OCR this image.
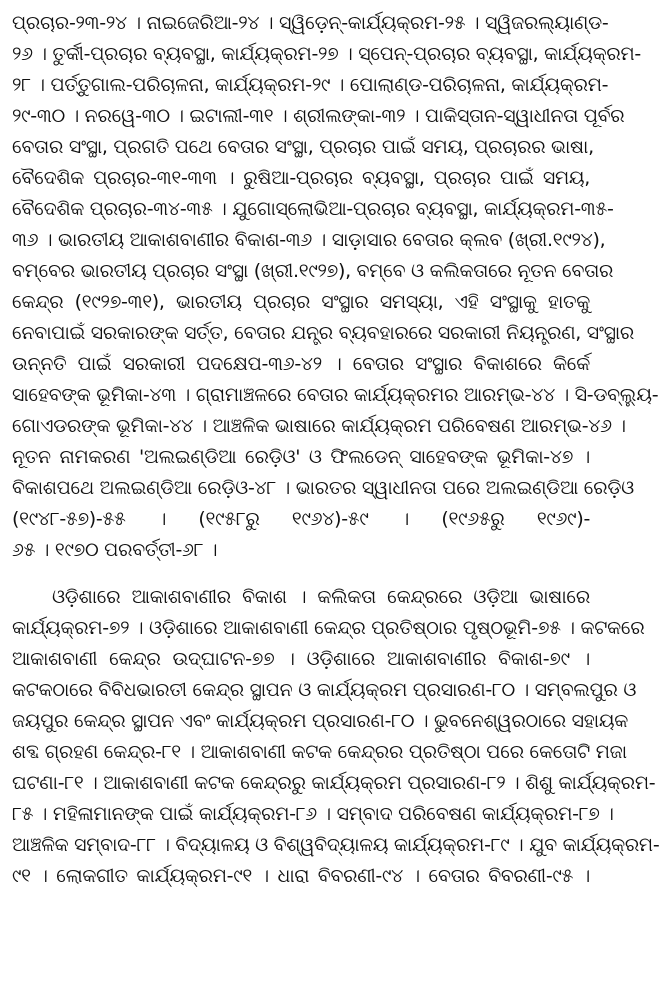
ପ୍ରଚାର-୨୩-୨୪ । ନାଇଜେରିଆ-୨୪ । ସ୍ୱିଡ଼େନ୍-କାର୍ଯ୍ୟକ୍ରମ-୨୫ । ସ୍ୱିଜରଲ୍ୟାଣ୍ଡ-
୨୬ । ତୁର୍କୀ-ପ୍ରଚାର ବ୍ୟବସ୍ଥା, କାର୍ଯ୍ୟକ୍ରମ-୨୭ । ସ୍ପେନ୍-ପ୍ରଚାର ବ୍ୟବସ୍ଥା, କାର୍ଯ୍ୟକ୍ରମ-
୨୮ । ପର୍ତ୍ତୁଗାଲ-ପରିଚାଳନା, କାର୍ଯ୍ୟକ୍ରମ-୨୯ । ପୋଲାଣ୍ଡ-ପରିଚାଳନା, କାର୍ଯ୍ୟକ୍ରମ-
୨୯-୩୦ । ନରୱେ-୩୦ । ଇଟାଲୀ-୩୧ । ଶ୍ରୀଲଙ୍କା-୩୨ । ପାକିସ୍ତାନ-ସ୍ୱାଧୀନତା ପୂର୍ବର
ବେତାର ସଂସ୍ଥା, ପ୍ରଗତି ପଥେ ବେତାର ସଂସ୍ଥା, ପ୍ରଚାର ପାଇଁ ସମୟ, ପ୍ରଚାରର ଭାଷା,
ବୈଦେଶିକ ପ୍ରଚାର-୩୧-୩୩ । ରୁଷିଆ-ପ୍ରଚାର ବ୍ୟବସ୍ଥା, ପ୍ରଚାର ପାଇଁ ସମୟ,
ବୈଦେଶିକ ପ୍ରଚାର-୩୪-୩୫ । ଯୁଗୋସ୍ଲୋଭିଆ-ପ୍ରଚାର ବ୍ୟବସ୍ଥା, କାର୍ଯ୍ୟକ୍ରମ-୩୫-
୩୬ । ଭାରତୀୟ ଆକାଶବାଣୀର ବିକାଶ-୩୬ । ସାଡ଼ାସାର ବେତାର କ୍ଲବ (ଖ୍ରୀ.୧୯୨୪),
ବମ୍ବେର ଭାରତୀୟ ପ୍ରଚାର ସଂସ୍ଥା (ଖ୍ରୀ.୧୯୨୭), ବମ୍ବେ ଓ କଲିକତାରେ ନୂତନ ବେତାର
କେନ୍ଦ୍ର (୧୯୨୭-୩୧), ଭାରତୀୟ ପ୍ରଚାର ସଂସ୍ଥାର ସମସ୍ୟା, ଏହି ସଂସ୍ଥାକୁ ହାତକୁ
ନେବାପାଇଁ ସରକାରଙ୍କ ସର୍ତ୍ତ, ବେତାର ଯନ୍ତ୍ର ବ୍ୟବହାରରେ ସରକାରୀ ନିୟନ୍ତ୍ରଣ, ସଂସ୍ଥାର
ଉନ୍ନତି ପାଇଁ ସରକାରୀ ପଦକ୍ଷେପ-୩୬-୪୨ । ବେତାର ସଂସ୍ଥାର ବିକାଶରେ କିର୍କେ
ସାହେବଙ୍କ ଭୂମିକା-୪୩ । ଗ୍ରାମାଞ୍ଚଳରେ ବେତାର କାର୍ଯ୍ୟକ୍ରମର ଆରମ୍ଭ-୪୪ । ସି-ଡବ୍ଲ୍ୟୁ-
ଗୋଏଡରଙ୍କ ଭୂମିକା-୪୪ । ଆଞ୍ଚଳିକ ଭାଷାରେ କାର୍ଯ୍ୟକ୍ରମ ପରିବେଷଣ ଆରମ୍ଭ-୪୬ ।
ନୂତନ ନାମକରଣ 'ଅଲଇଣ୍ଡିଆ ରେଡ଼ିଓ' ଓ ଫିଲଡେନ୍ ସାହେବଙ୍କ ଭୂମିକା-୪୭ ।
ବିକାଶପଥେ ଅଲଇଣ୍ଡିଆ ରେଡ଼ିଓ-୪୮ । ଭାରତର ସ୍ୱାଧୀନତା ପରେ ଅଲଇଣ୍ଡିଆ ରେଡ଼ିଓ
(୧୯୪୮-୫୭)-୫୫ । (୧୯୫୮ରୁ ୧୯୬୪)-୫୯ । (୧୯୬୫ରୁ ୧୯୬୯)-
୬୫ । ୧୯୭୦ ପରବର୍ତ୍ତୀ-୬୮ ।
ଓଡ଼ିଶାରେ ଆକାଶବାଣୀର ବିକାଶ । କଲିକତା କେନ୍ଦ୍ରରେ ଓଡ଼ିଆ ଭାଷାରେ
କାର୍ଯ୍ୟକ୍ରମ-୭୨ । ଓଡ଼ିଶାରେ ଆକାଶବାଣୀ କେନ୍ଦ୍ର ପ୍ରତିଷ୍ଠାର ପୃଷ୍ଠଭୂମି-୭୫ । କଟକରେ
ଆକାଶବାଣୀ କେନ୍ଦ୍ର ଉଦ୍‌ଘାଟନ-୭୭ । ଓଡ଼ିଶାରେ ଆକାଶବାଣୀର ବିକାଶ-୭୯ ।
କଟକଠାରେ ବିବିଧଭାରତୀ କେନ୍ଦ୍ର ସ୍ଥାପନ ଓ କାର୍ଯ୍ୟକ୍ରମ ପ୍ରସାରଣ-୮୦ । ସମ୍ବଲପୁର ଓ
ଜୟପୁର କେନ୍ଦ୍ର ସ୍ଥାପନ ଏବଂ କାର୍ଯ୍ୟକ୍ରମ ପ୍ରସାରଣ-୮୦ । ଭୁବନେଶ୍ୱରଠାରେ ସହାୟକ
ଶବ୍ଦ ଗ୍ରହଣ କେନ୍ଦ୍ର-୮୧ । ଆକାଶବାଣୀ କଟକ କେନ୍ଦ୍ରର ପ୍ରତିଷ୍ଠା ପରେ କେତୋଟି ମଜା
ଘଟଣା-୮୧ । ଆକାଶବାଣୀ କଟକ କେନ୍ଦ୍ରରୁ କାର୍ଯ୍ୟକ୍ରମ ପ୍ରସାରଣ-୮୨ । ଶିଶୁ କାର୍ଯ୍ୟକ୍ରମ-
୮୫ । ମହିଳାମାନଙ୍କ ପାଇଁ କାର୍ଯ୍ୟକ୍ରମ-୮୬ । ସମ୍ବାଦ ପରିବେଷଣ କାର୍ଯ୍ୟକ୍ରମ-୮୭ ।
ଆଞ୍ଚଳିକ ସମ୍ବାଦ-୮୮ । ବିଦ୍ୟାଳୟ ଓ ବିଶ୍ୱବିଦ୍ୟାଳୟ କାର୍ଯ୍ୟକ୍ରମ-୮୯ । ଯୁବ କାର୍ଯ୍ୟକ୍ରମ-
୯୧ । ଲୋକଗୀତ କାର୍ଯ୍ୟକ୍ରମ-୯୧ । ଧାରା ବିବରଣୀ-୯୪ । ବେତାର ବିବରଣୀ-୯୫ ।
